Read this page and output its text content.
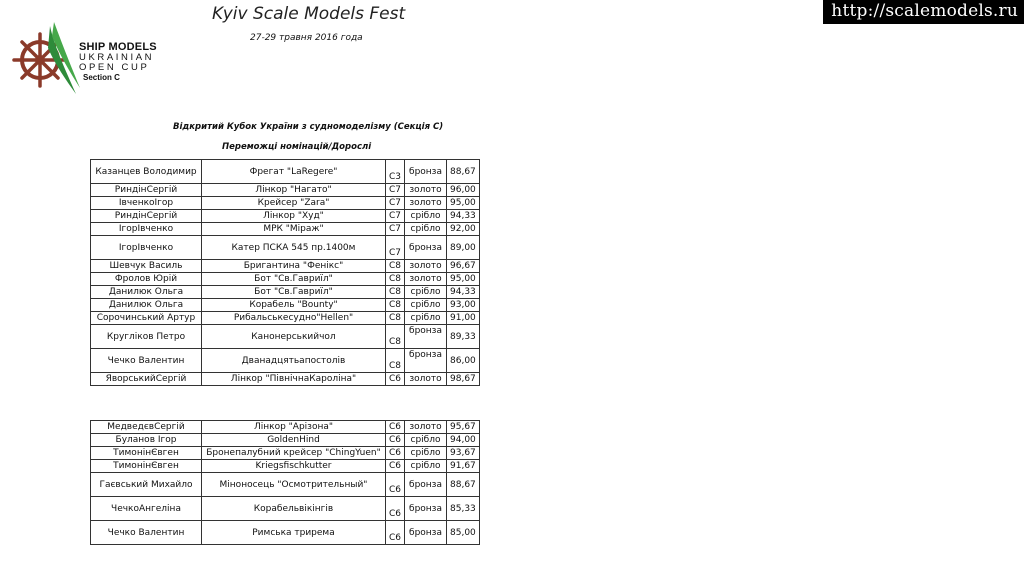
http://scalemodels.ru
SHIP MODELS
UKRAINIAN
OPEN CUP
Section C
Kyiv Scale Models Fest
27-29 травня 2016 года
Відкритий Кубок України з судномоделізму (Секція С)
Переможці номінацій/Дорослі
Казанцев Володимир	Фрегат "LaRegere"	C3	бронза	88,67
РиндінСергій	Лінкор "Нагато"	C7	золото	96,00
ІвченкоІгор	Крейсер "Zara"	C7	золото	95,00
РиндінСергій	Лінкор "Худ"	C7	срібло	94,33
ІгорІвченко	МРК "Міраж"	C7	срібло	92,00
ІгорІвченко	Катер ПСКА 545 пр.1400м	C7	бронза	89,00
Шевчук Василь	Бригантина "Фенікс"	C8	золото	96,67
Фролов Юрій	Бот "Св.Гавриїл"	C8	золото	95,00
Данилюк Ольга	Бот "Св.Гавриїл"	C8	срібло	94,33
Данилюк Ольга	Корабель "Bounty"	C8	срібло	93,00
Сорочинський Артур	Рибальськесудно"Hellen"	C8	срібло	91,00
Кругліков Петро	Канонерськийчол	C8	бронза	89,33
Чечко Валентин	Дванадцятьапостолів	C8	бронза	86,00
ЯворськийСергій	Лінкор "ПівнічнаКароліна"	C6	золото	98,67
МедведєвСергій	Лінкор "Арізона"	C6	золото	95,67
Буланов Ігор	GoldenHind	C6	срібло	94,00
ТимонінЄвген	Бронепалубний крейсер "ChingYuen"	C6	срібло	93,67
ТимонінЄвген	Kriegsfischkutter	C6	срібло	91,67
Гаєвський Михайло	Міноносець "Осмотрительный"	C6	бронза	88,67
ЧечкоАнгеліна	Корабельвікінгів	C6	бронза	85,33
Чечко Валентин	Римська трирема	C6	бронза	85,00
